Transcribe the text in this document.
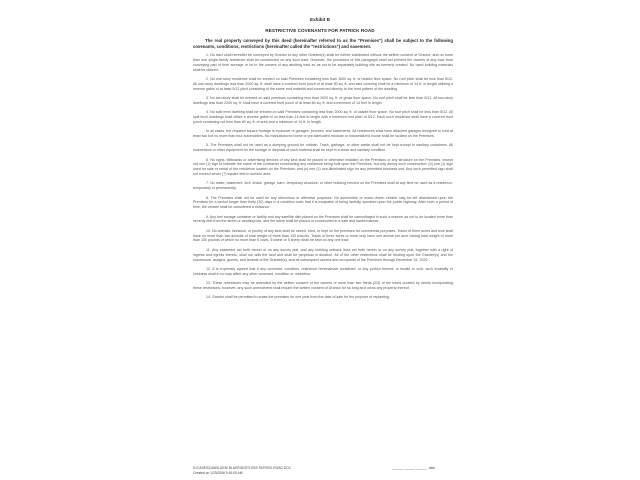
Exhibit B
RESTRICTIVE COVENANTS FOR PATRICK ROAD
The real property conveyed by this deed (hereinafter referred to as the "Premises") shall be subject to the following covenants, conditions, restrictions (hereinafter called the "restrictions") and easement.

1. No tract shall hereafter be conveyed by Grantor to any other Grantee(s) shall be further subdivided without the written consent of Grantor, and no more than one single-family residence shall be constructed on any such tract. However, the provisions of this paragraph shall not prevent the owners of any tract from conveying part of their acreage or lot to the owners of any abutting tract so as not to be separately building site as formerly created. No used building materials shall be utilized.

2. No one-story residence shall be erected on said Premises containing less than 1600 sq. ft. of heated floor space. No roof pitch shall be less than 5/12. All one-story dwellings less than 2000 sq. ft. shall have a covered front porch of at least 80 sq. ft. and said covering shall be a minimum of 14 ft. in length utilizing a reverse gable of at least 5/12 pitch consisting of the same roof material and concerned directly to the front pattern of the dwelling.

3. No two-story shall be erected on said premises containing less than 2000 sq. ft. of gross floor space. No roof pitch shall be less than 5/12. All two-story dwellings less than 2200 sq. ft. shall have a covered front porch of at least 80 sq. ft. and a minimum of 14 feet in length.

4. No split level dwelling shall be erected on said Premises containing less than 2000 sq. ft. of usable floor space. No roof pitch shall be less than 5/12. All split level dwellings shall utilize a reverse gable of no less than 14 feet in length with a minimum roof pitch of 5/12. Each such residence shall have a covered front porch containing not less than 80 sq. ft. of area and a minimum of 14 ft. in length.

In all cases, the required square footage is exclusive of garages, porches, and basements. All residences shall have attached garages designed to hold at least two but no more than four automobiles. No manufactured home or pre-fabricated modular or industrialized house shall be located on the Premises.

5. The Premises shall not be used as a dumping ground for rubbish. Trash, garbage, or other waste shall not be kept except in sanitary containers. All incinerators or other equipment for the storage or disposal of such material shall be kept in a clean and sanitary condition.

6. No signs, billboards or advertising devices of any kind shall be placed or otherwise installed on the Premises or any structure on the Premises, except not one (1) sign to indicate the name of the contractor constructing any residence being built upon the Premises, but only during such construction; (b) one (1) sign used for sale or rental of the residence located on the Premises; and (c) one (1) non-illuminated sign for any permitted business use. Any such permitted sign shall not exceed seven (7) square feet in surface area.

7. No trailer, basement, tent, shack, garage, barn, temporary structure, or other building erected on the Premises shall at any time be used as a residence, temporarily or permanently.

8. The Premises shall not be used for any obnoxious or offensive purposes. No automobile or motor-driven vehicle may be left abandoned upon the Premises for a period longer than thirty (30) days in a condition such that it is incapable of being lawfully operated upon the public highway. After such a period of time, the vehicle shall be considered a nuisance.

9. Any fuel storage container or facility and any satellite dish placed on the Premises shall be camouflaged in such a manner as not to be located more than seventy feet from the street or abutting lots, and the same shall be placed or constructed in a safe and lawful manner.

10. No animals, livestock, or poultry of any kind shall be raised, bred, or kept on the premises for commercial purposes. Tracts of three acres and less shall have no more than two animals of total weight of more than 150 pounds. Tracts of three acres or more may have one animal per acre having total weight of more than 150 pounds of which no more than 6 cows, 5 swine or 5 sheep shall be kept on any one tract.

11. Any easement set forth herein or on any survey plat, and any building setback lines set forth herein or on any survey plat, together with a right of ingress and egress thereto, shall run with the land and shall be perpetual in duration. All of the other restrictions shall be binding upon the Grantee(s) and the successors, assigns, guests, and tenants of the Grantee(s), and all subsequent owners and occupants of the Premises through December 31, 2020.

12. It is expressly agreed that if any covenant, condition, restriction hereinabove contained, or any portion thereof, is invalid or void, such invalidity or voidness shall in no way affect any other covenant, condition or restriction.

13. These restrictions may be amended by the written consent of the owners of more than two thirds (2/3) of the tracts created by deeds incorporating these restrictions; however, any such amendment shall require the written consent of Grantor for so long as it owns any property thereof.

14. Grantor shall be permitted to erase the premises for one year from the date of sale for the purpose of replanting.

S:\CASES\DAWS,GEN\ BLUERIDGE\TOSS PATRICK ROAD.DOC
Created on 1/23/2006 9:16:00 AM
______ ______ ______  date
